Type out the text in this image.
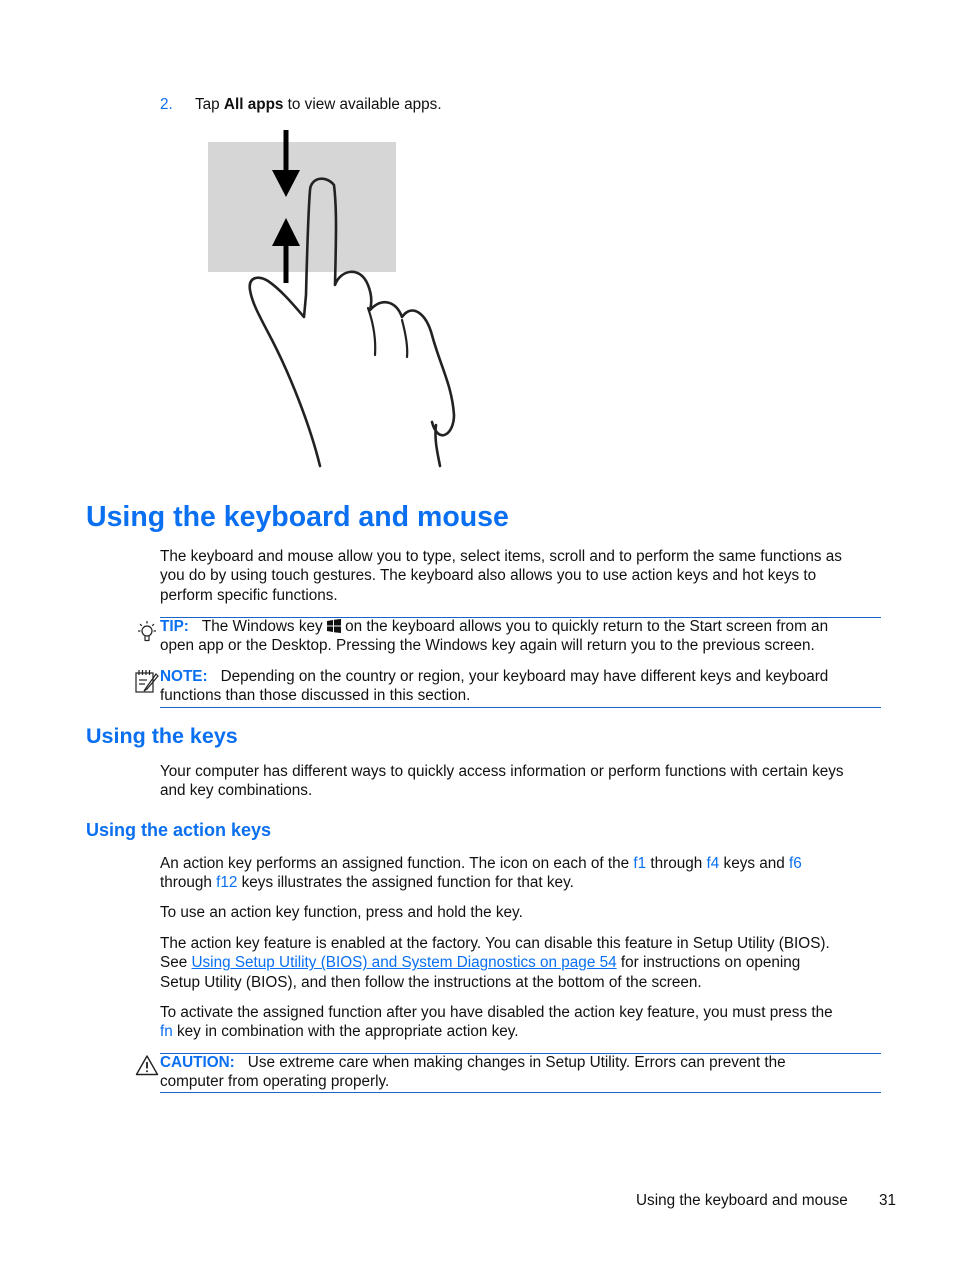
2. Tap All apps to view available apps.
Using the keyboard and mouse
The keyboard and mouse allow you to type, select items, scroll and to perform the same functions as
you do by using touch gestures. The keyboard also allows you to use action keys and hot keys to
perform specific functions.
TIP: The Windows key  on the keyboard allows you to quickly return to the Start screen from an
open app or the Desktop. Pressing the Windows key again will return you to the previous screen.
NOTE: Depending on the country or region, your keyboard may have different keys and keyboard
functions than those discussed in this section.
Using the keys
Your computer has different ways to quickly access information or perform functions with certain keys
and key combinations.
Using the action keys
An action key performs an assigned function. The icon on each of the f1 through f4 keys and f6
through f12 keys illustrates the assigned function for that key.
To use an action key function, press and hold the key.
The action key feature is enabled at the factory. You can disable this feature in Setup Utility (BIOS).
See Using Setup Utility (BIOS) and System Diagnostics on page 54 for instructions on opening
Setup Utility (BIOS), and then follow the instructions at the bottom of the screen.
To activate the assigned function after you have disabled the action key feature, you must press the
fn key in combination with the appropriate action key.
CAUTION: Use extreme care when making changes in Setup Utility. Errors can prevent the
computer from operating properly.
Using the keyboard and mouse 31
